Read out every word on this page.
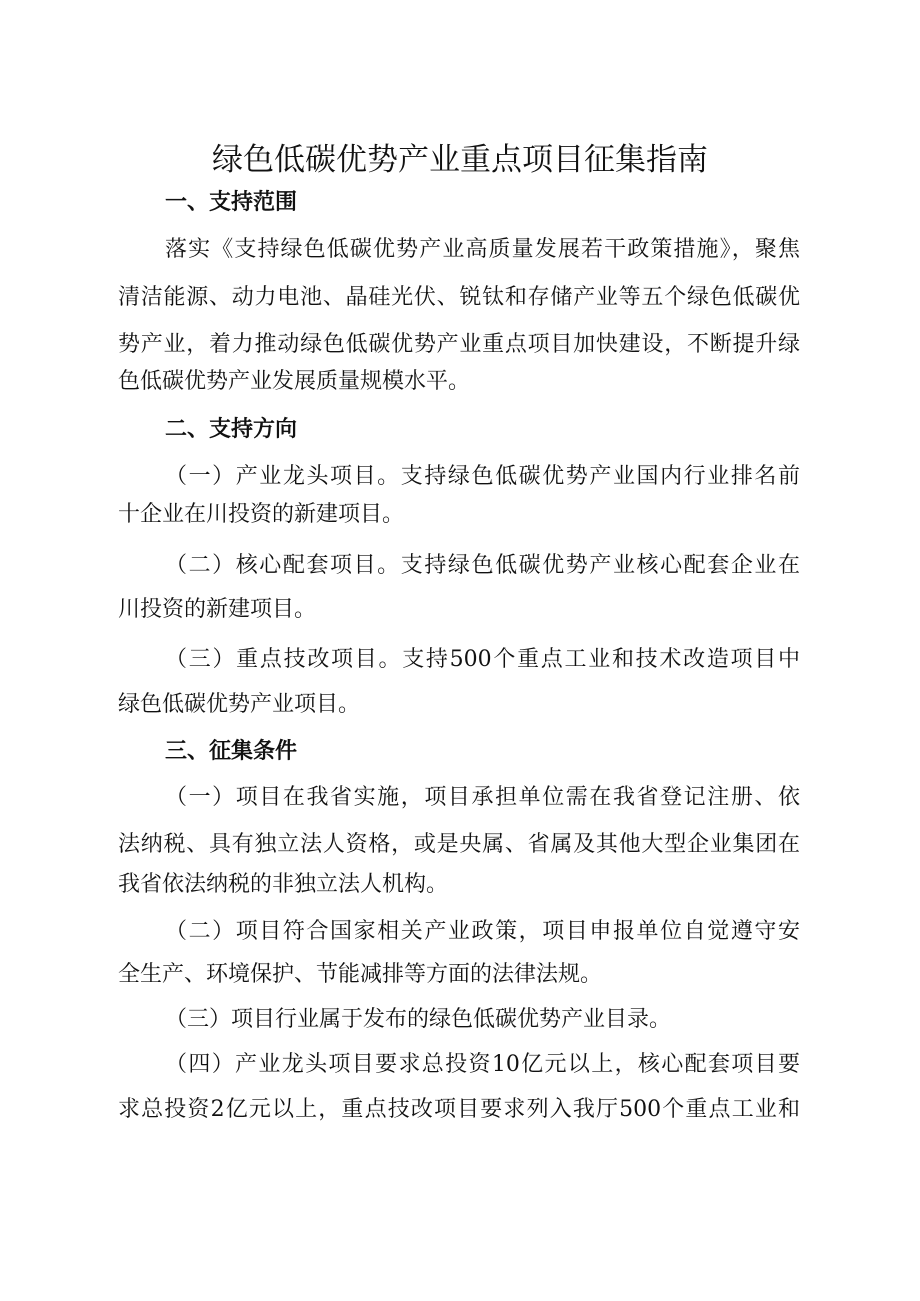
绿色低碳优势产业重点项目征集指南
一、支持范围
落实《支持绿色低碳优势产业高质量发展若干政策措施》，聚焦
清洁能源、动力电池、晶硅光伏、锐钛和存储产业等五个绿色低碳优
势产业，着力推动绿色低碳优势产业重点项目加快建设，不断提升绿
色低碳优势产业发展质量规模水平。
二、支持方向
（一）产业龙头项目。支持绿色低碳优势产业国内行业排名前
十企业在川投资的新建项目。
（二）核心配套项目。支持绿色低碳优势产业核心配套企业在
川投资的新建项目。
（三）重点技改项目。支持500个重点工业和技术改造项目中
绿色低碳优势产业项目。
三、征集条件
（一）项目在我省实施，项目承担单位需在我省登记注册、依
法纳税、具有独立法人资格，或是央属、省属及其他大型企业集团在
我省依法纳税的非独立法人机构。
（二）项目符合国家相关产业政策，项目申报单位自觉遵守安
全生产、环境保护、节能减排等方面的法律法规。
（三）项目行业属于发布的绿色低碳优势产业目录。
（四）产业龙头项目要求总投资10亿元以上，核心配套项目要
求总投资2亿元以上，重点技改项目要求列入我厅500个重点工业和
